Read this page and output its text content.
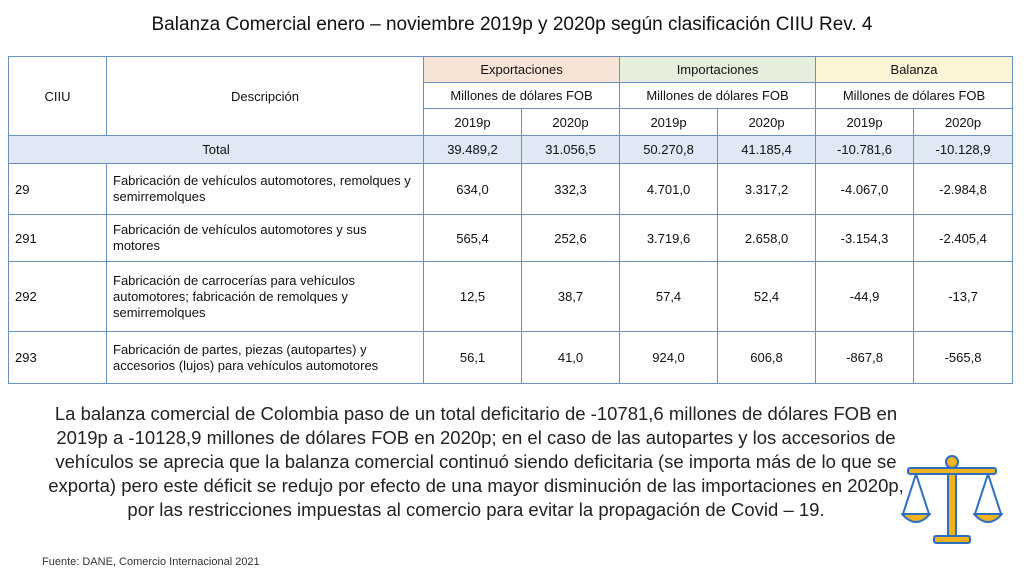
Balanza Comercial enero – noviembre 2019p y 2020p según clasificación CIIU Rev. 4
CIIU	Descripción	Exportaciones		Importaciones		Balanza	
		Millones de dólares FOB		Millones de dólares FOB		Millones de dólares FOB	
		2019p	2020p	2019p	2020p	2019p	2020p
Total		39.489,2	31.056,5	50.270,8	41.185,4	-10.781,6	-10.128,9
29	Fabricación de vehículos automotores, remolques y semirremolques	634,0	332,3	4.701,0	3.317,2	-4.067,0	-2.984,8
291	Fabricación de vehículos automotores y sus motores	565,4	252,6	3.719,6	2.658,0	-3.154,3	-2.405,4
292	Fabricación de carrocerías para vehículos automotores; fabricación de remolques y semirremolques	12,5	38,7	57,4	52,4	-44,9	-13,7
293	Fabricación de partes, piezas (autopartes) y accesorios (lujos) para vehículos automotores	56,1	41,0	924,0	606,8	-867,8	-565,8
La balanza comercial de Colombia paso de un total deficitario de -10781,6 millones de dólares FOB en 2019p a -10128,9 millones de dólares FOB en 2020p; en el caso de las autopartes y los accesorios de vehículos se aprecia que la balanza comercial continuó siendo deficitaria (se importa más de lo que se exporta) pero este déficit se redujo por efecto de una mayor disminución de las importaciones en 2020p, por las restricciones impuestas al comercio para evitar la propagación de Covid – 19.
Fuente: DANE, Comercio Internacional 2021
